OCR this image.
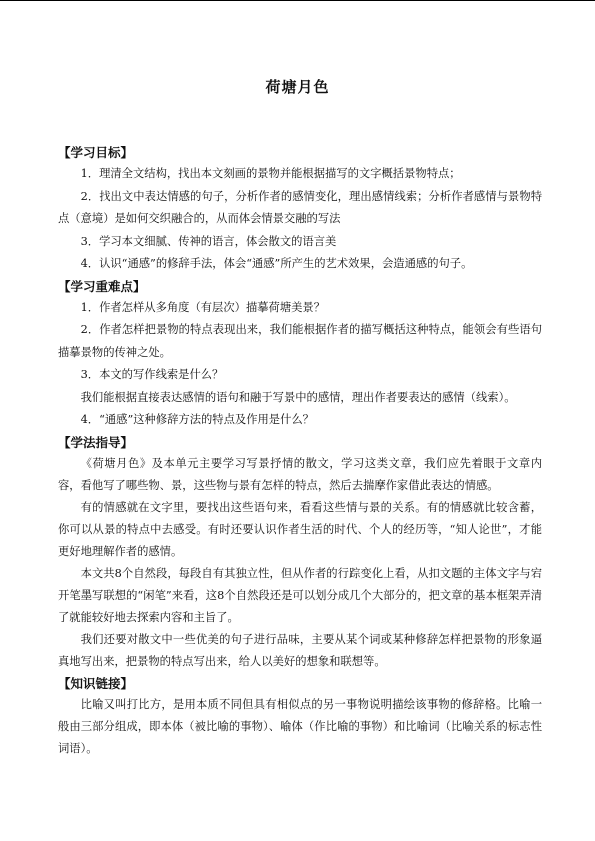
荷塘月色
【学习目标】
1．理清全文结构，找出本文刻画的景物并能根据描写的文字概括景物特点；
2．找出文中表达情感的句子，分析作者的感情变化，理出感情线索；分析作者感情与景物特点（意境）是如何交织融合的，从而体会情景交融的写法
3．学习本文细腻、传神的语言，体会散文的语言美
4．认识“通感”的修辞手法，体会“通感”所产生的艺术效果，会造通感的句子。
【学习重难点】
1．作者怎样从多角度（有层次）描摹荷塘美景？
2．作者怎样把景物的特点表现出来，我们能根据作者的描写概括这种特点，能领会有些语句描摹景物的传神之处。
3．本文的写作线索是什么？
我们能根据直接表达感情的语句和融于写景中的感情，理出作者要表达的感情（线索）。
4．“通感”这种修辞方法的特点及作用是什么？
【学法指导】
《荷塘月色》及本单元主要学习写景抒情的散文，学习这类文章，我们应先着眼于文章内容，看他写了哪些物、景，这些物与景有怎样的特点，然后去揣摩作家借此表达的情感。
有的情感就在文字里，要找出这些语句来，看看这些情与景的关系。有的情感就比较含蓄，你可以从景的特点中去感受。有时还要认识作者生活的时代、个人的经历等，“知人论世”，才能更好地理解作者的感情。
本文共8个自然段，每段自有其独立性，但从作者的行踪变化上看，从扣文题的主体文字与宕开笔墨写联想的“闲笔”来看，这8个自然段还是可以划分成几个大部分的，把文章的基本框架弄清了就能较好地去探索内容和主旨了。
我们还要对散文中一些优美的句子进行品味，主要从某个词或某种修辞怎样把景物的形象逼真地写出来，把景物的特点写出来，给人以美好的想象和联想等。
【知识链接】
比喻又叫打比方，是用本质不同但具有相似点的另一事物说明描绘该事物的修辞格。比喻一般由三部分组成，即本体（被比喻的事物）、喻体（作比喻的事物）和比喻词（比喻关系的标志性词语）。
